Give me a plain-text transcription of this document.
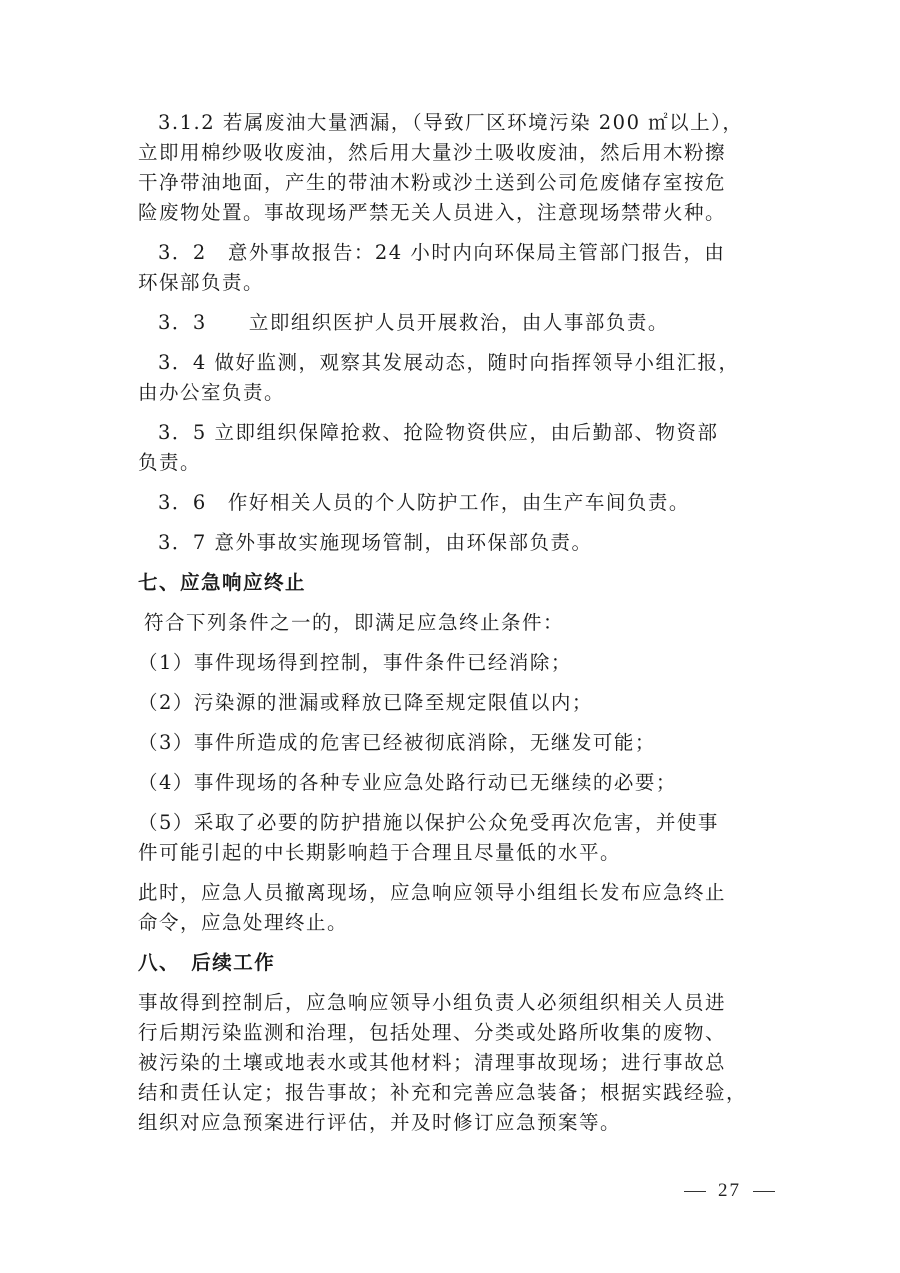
3.1.2 若属废油大量洒漏，（导致厂区环境污染 200 ㎡以上），
立即用棉纱吸收废油，然后用大量沙土吸收废油，然后用木粉擦
干净带油地面，产生的带油木粉或沙土送到公司危废储存室按危
险废物处置。事故现场严禁无关人员进入，注意现场禁带火种。
3．2　意外事故报告：24 小时内向环保局主管部门报告，由
环保部负责。
3．3　　立即组织医护人员开展救治，由人事部负责。
3．4 做好监测，观察其发展动态，随时向指挥领导小组汇报，
由办公室负责。
3．5 立即组织保障抢救、抢险物资供应，由后勤部、物资部
负责。
3．6　作好相关人员的个人防护工作，由生产车间负责。
3．7 意外事故实施现场管制，由环保部负责。
七、应急响应终止
符合下列条件之一的，即满足应急终止条件：
（1）事件现场得到控制，事件条件已经消除；
（2）污染源的泄漏或释放已降至规定限值以内；
（3）事件所造成的危害已经被彻底消除，无继发可能；
（4）事件现场的各种专业应急处路行动已无继续的必要；
（5）采取了必要的防护措施以保护公众免受再次危害，并使事
件可能引起的中长期影响趋于合理且尽量低的水平。
此时，应急人员撤离现场，应急响应领导小组组长发布应急终止
命令，应急处理终止。
八、　后续工作
事故得到控制后，应急响应领导小组负责人必须组织相关人员进
行后期污染监测和治理，包括处理、分类或处路所收集的废物、
被污染的土壤或地表水或其他材料；清理事故现场；进行事故总
结和责任认定；报告事故；补充和完善应急装备；根据实践经验，
组织对应急预案进行评估，并及时修订应急预案等。
27
